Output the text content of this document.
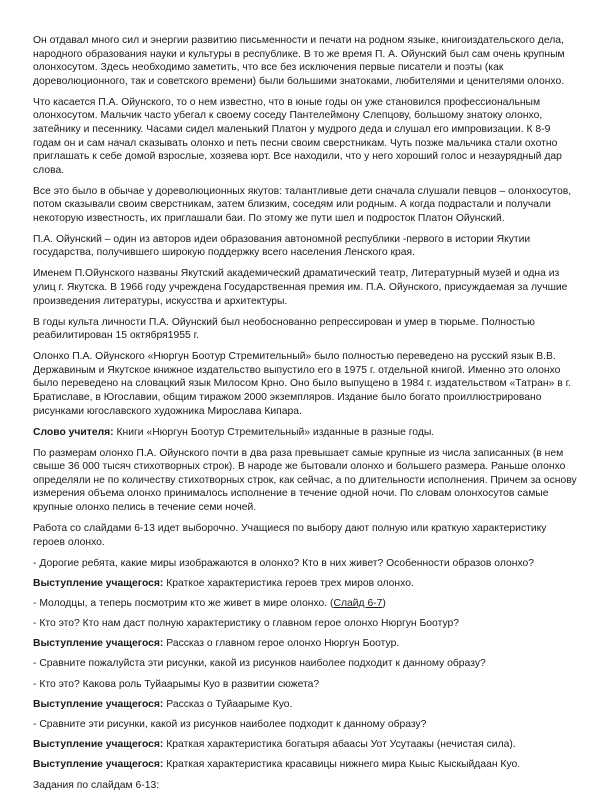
Он отдавал много сил и энергии развитию письменности и печати на родном языке, книгоиздательского дела, народного образования науки и культуры в республике. В то же время П. А. Ойунский был сам очень крупным олонхосутом. Здесь необходимо заметить, что все без исключения первые писатели и поэты (как дореволюционного, так и советского времени) были большими знатоками, любителями и ценителями олонхо.

Что касается П.А. Ойунского, то о нем известно, что в юные годы он уже становился профессиональным олонхосутом. Мальчик часто убегал к своему соседу Пантелеймону Слепцову, большому знатоку олонхо, затейнику и песеннику. Часами сидел маленький Платон у мудрого деда и слушал его импровизации. К 8-9 годам он и сам начал сказывать олонхо и петь песни своим сверстникам. Чуть позже мальчика стали охотно приглашать к себе домой взрослые, хозяева юрт. Все находили, что у него хороший голос и незаурядный дар слова.

Все это было в обычае у дореволюционных якутов: талантливые дети сначала слушали певцов – олонхосутов, потом сказывали своим сверстникам, затем близким, соседям или родным. А когда подрастали и получали некоторую известность, их приглашали баи. По этому же пути шел и подросток Платон Ойунский.

П.А. Ойунский – один из авторов идеи образования автономной республики -первого в истории Якутии государства, получившего широкую поддержку всего населения Ленского края.

Именем П.Ойунского названы Якутский академический драматический театр, Литературный музей и одна из улиц г. Якутска. В 1966 году учреждена Государственная премия им. П.А. Ойунского, присуждаемая за лучшие произведения литературы, искусства и архитектуры.

В годы культа личности П.А. Ойунский был необоснованно репрессирован и умер в тюрьме. Полностью реабилитирован 15 октября1955 г.

Олонхо П.А. Ойунского «Нюргун Боотур Стремительный» было полностью переведено на русский язык В.В. Державиным и Якутское книжное издательство выпустило его в 1975 г. отдельной книгой. Именно это олонхо было переведено на словацкий язык Милосом Крно. Оно было выпущено в 1984 г. издательством «Татран» в г. Братиславе, в Югославии, общим тиражом 2000 экземпляров. Издание было богато проиллюстрировано рисунками югославского художника Мирослава Кипара.

Слово учителя: Книги «Нюргун Боотур Стремительный» изданные в разные годы.

По размерам олонхо П.А. Ойунского почти в два раза превышает самые крупные из числа записанных (в нем свыше 36 000 тысяч стихотворных строк). В народе же бытовали олонхо и большего размера. Раньше олонхо определяли не по количеству стихотворных строк, как сейчас, а по длительности исполнения. Причем за основу измерения объема олонхо принималось исполнение в течение одной ночи. По словам олонхосутов самые крупные олонхо пелись в течение семи ночей.

Работа со слайдами 6-13 идет выборочно. Учащиеся по выбору дают полную или краткую характеристику героев олонхо.

- Дорогие ребята, какие миры изображаются в олонхо? Кто в них живет? Особенности образов олонхо?

Выступление учащегося: Краткое характеристика героев трех миров олонхо.

- Молодцы, а теперь посмотрим кто же живет в мире олонхо. (Слайд 6-7)

- Кто это? Кто нам даст полную характеристику о главном герое олонхо Нюргун Боотур?

Выступление учащегося: Рассказ о главном герое олонхо Нюргун Боотур.

- Сравните пожалуйста эти рисунки, какой из рисунков наиболее подходит к данному образу?

- Кто это? Какова роль Туйаарымы Куо в развитии сюжета?

Выступление учащегося: Рассказ о Туйаарыме Куо.

- Сравните эти рисунки, какой из рисунков наиболее подходит к данному образу?

Выступление учащегося: Краткая характеристика богатыря абаасы Уот Усутаакы (нечистая сила).

Выступление учащегося: Краткая характеристика красавицы нижнего мира Кыыс Кыскыйдаан Куо.

Задания по слайдам 6-13:
